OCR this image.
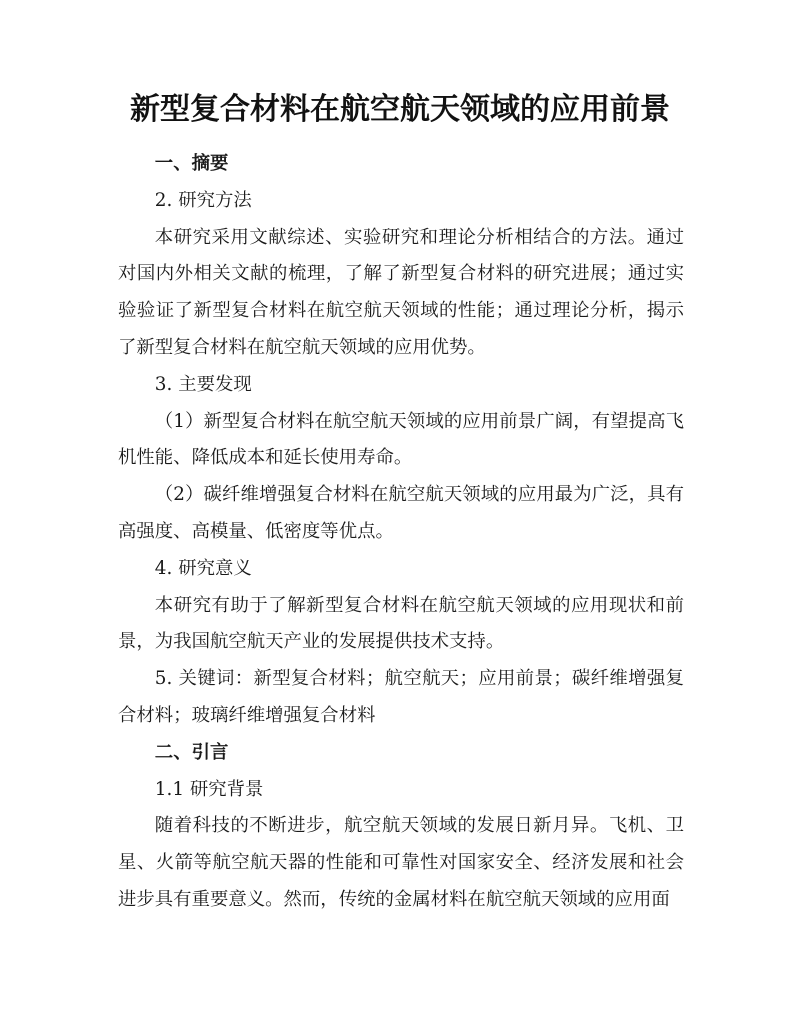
新型复合材料在航空航天领域的应用前景

一、摘要

2. 研究方法

本研究采用文献综述、实验研究和理论分析相结合的方法。通过对国内外相关文献的梳理，了解了新型复合材料的研究进展；通过实验验证了新型复合材料在航空航天领域的性能；通过理论分析，揭示了新型复合材料在航空航天领域的应用优势。

3. 主要发现

（1）新型复合材料在航空航天领域的应用前景广阔，有望提高飞机性能、降低成本和延长使用寿命。

（2）碳纤维增强复合材料在航空航天领域的应用最为广泛，具有高强度、高模量、低密度等优点。

4. 研究意义

本研究有助于了解新型复合材料在航空航天领域的应用现状和前景，为我国航空航天产业的发展提供技术支持。

5. 关键词：新型复合材料；航空航天；应用前景；碳纤维增强复合材料；玻璃纤维增强复合材料

二、引言

1.1 研究背景

随着科技的不断进步，航空航天领域的发展日新月异。飞机、卫星、火箭等航空航天器的性能和可靠性对国家安全、经济发展和社会进步具有重要意义。然而，传统的金属材料在航空航天领域的应用面
